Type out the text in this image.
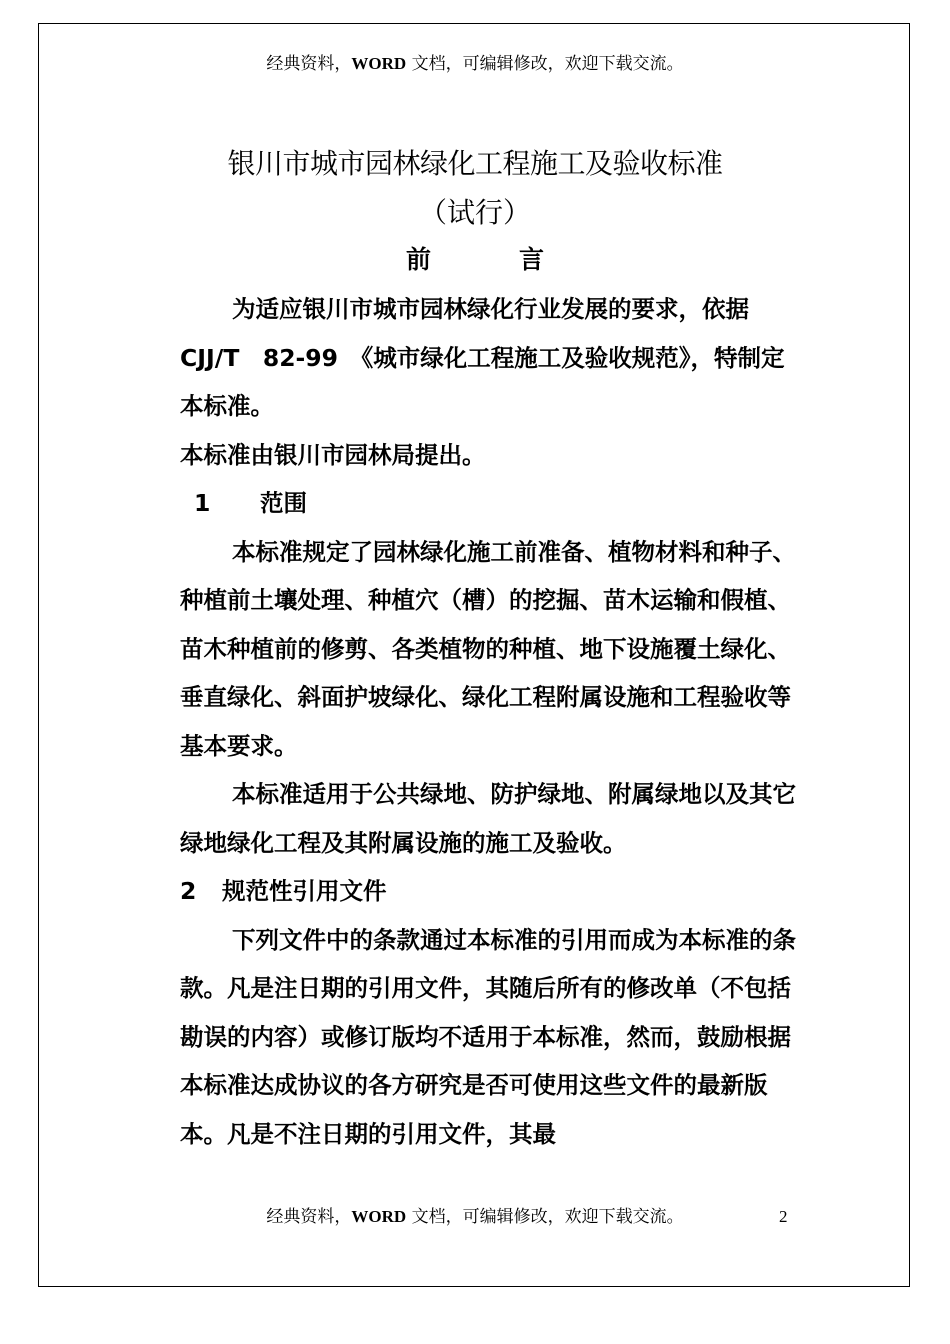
经典资料，WORD 文档，可编辑修改，欢迎下载交流。
银川市城市园林绿化工程施工及验收标准
（试行）
前	言

为适应银川市城市园林绿化行业发展的要求，依据 CJJ/T　82-99　《城市绿化工程施工及验收规范》，特制定本标准。

本标准由银川市园林局提出。

1 范围

本标准规定了园林绿化施工前准备、植物材料和种子、种植前土壤处理、种植穴（槽）的挖掘、苗木运输和假植、苗木种植前的修剪、各类植物的种植、地下设施覆土绿化、垂直绿化、斜面护坡绿化、绿化工程附属设施和工程验收等基本要求。

本标准适用于公共绿地、防护绿地、附属绿地以及其它绿地绿化工程及其附属设施的施工及验收。

2 规范性引用文件

下列文件中的条款通过本标准的引用而成为本标准的条款。凡是注日期的引用文件，其随后所有的修改单（不包括勘误的内容）或修订版均不适用于本标准，然而，鼓励根据本标准达成协议的各方研究是否可使用这些文件的最新版本。凡是不注日期的引用文件，其最

经典资料，WORD 文档，可编辑修改，欢迎下载交流。	2
